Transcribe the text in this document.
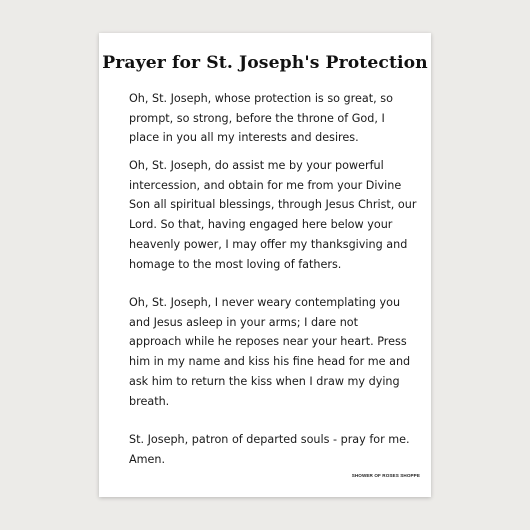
Prayer for St. Joseph's Protection

Oh, St. Joseph, whose protection is so great, so

prompt, so strong, before the throne of God, I

place in you all my interests and desires.

Oh, St. Joseph, do assist me by your powerful

intercession, and obtain for me from your Divine

Son all spiritual blessings, through Jesus Christ, our

Lord. So that, having engaged here below your

heavenly power, I may offer my thanksgiving and

homage to the most loving of fathers.

Oh, St. Joseph, I never weary contemplating you

and Jesus asleep in your arms; I dare not

approach while he reposes near your heart. Press

him in my name and kiss his fine head for me and

ask him to return the kiss when I draw my dying

breath.

St. Joseph, patron of departed souls - pray for me.

Amen.

SHOWER OF ROSES SHOPPE
